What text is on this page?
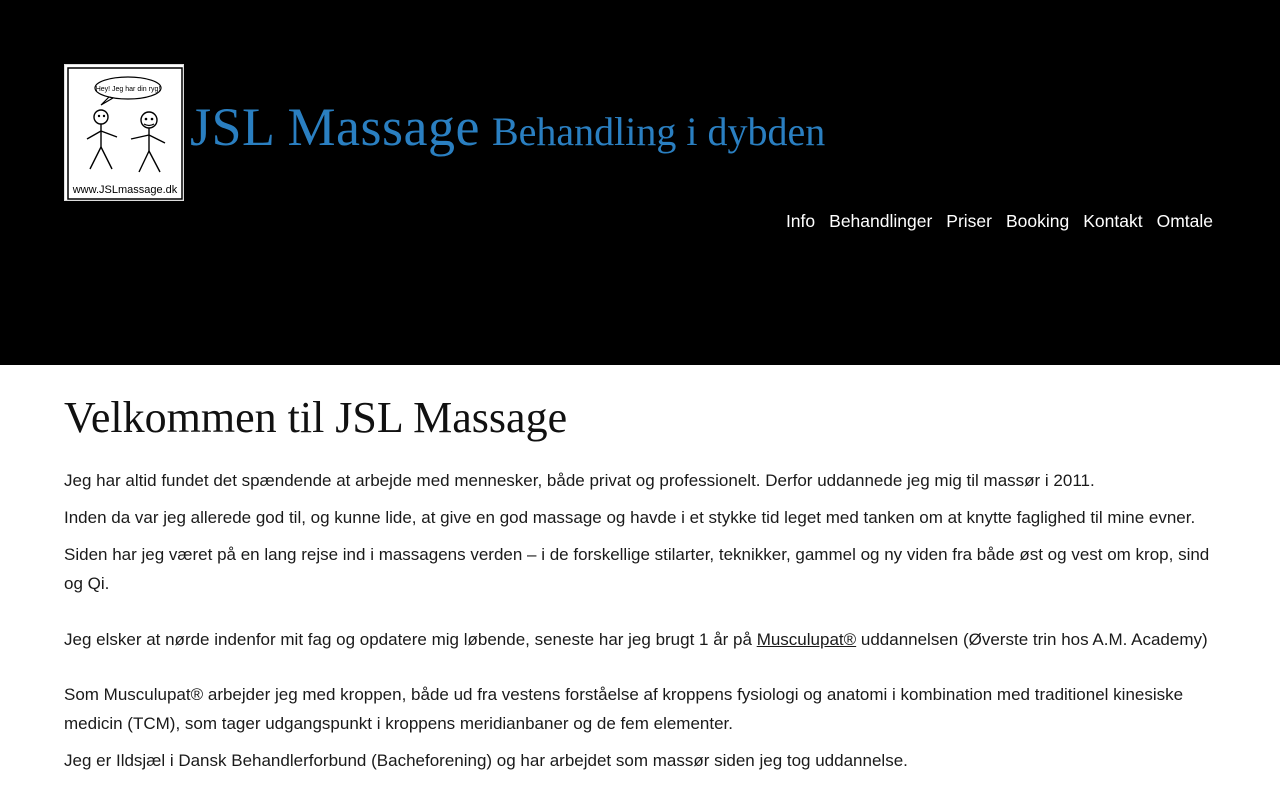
Hey! Jeg har din ryg!
www.JSLmassage.dk
JSL Massage Behandling i dybden
Info Behandlinger Priser Booking Kontakt Omtale
Velkommen til JSL Massage

Jeg har altid fundet det spændende at arbejde med mennesker, både privat og professionelt. Derfor uddannede jeg mig til massør i 2011.

Inden da var jeg allerede god til, og kunne lide, at give en god massage og havde i et stykke tid leget med tanken om at knytte faglighed til mine evner.

Siden har jeg været på en lang rejse ind i massagens verden – i de forskellige stilarter, teknikker, gammel og ny viden fra både øst og vest om krop, sind og Qi.

Jeg elsker at nørde indenfor mit fag og opdatere mig løbende, seneste har jeg brugt 1 år på Musculupat® uddannelsen (Øverste trin hos A.M. Academy)

Som Musculupat® arbejder jeg med kroppen, både ud fra vestens forståelse af kroppens fysiologi og anatomi i kombination med traditionel kinesiske medicin (TCM), som tager udgangspunkt i kroppens meridianbaner og de fem elementer.

Jeg er Ildsjæl i Dansk Behandlerforbund (Bacheforening) og har arbejdet som massør siden jeg tog uddannelse.
